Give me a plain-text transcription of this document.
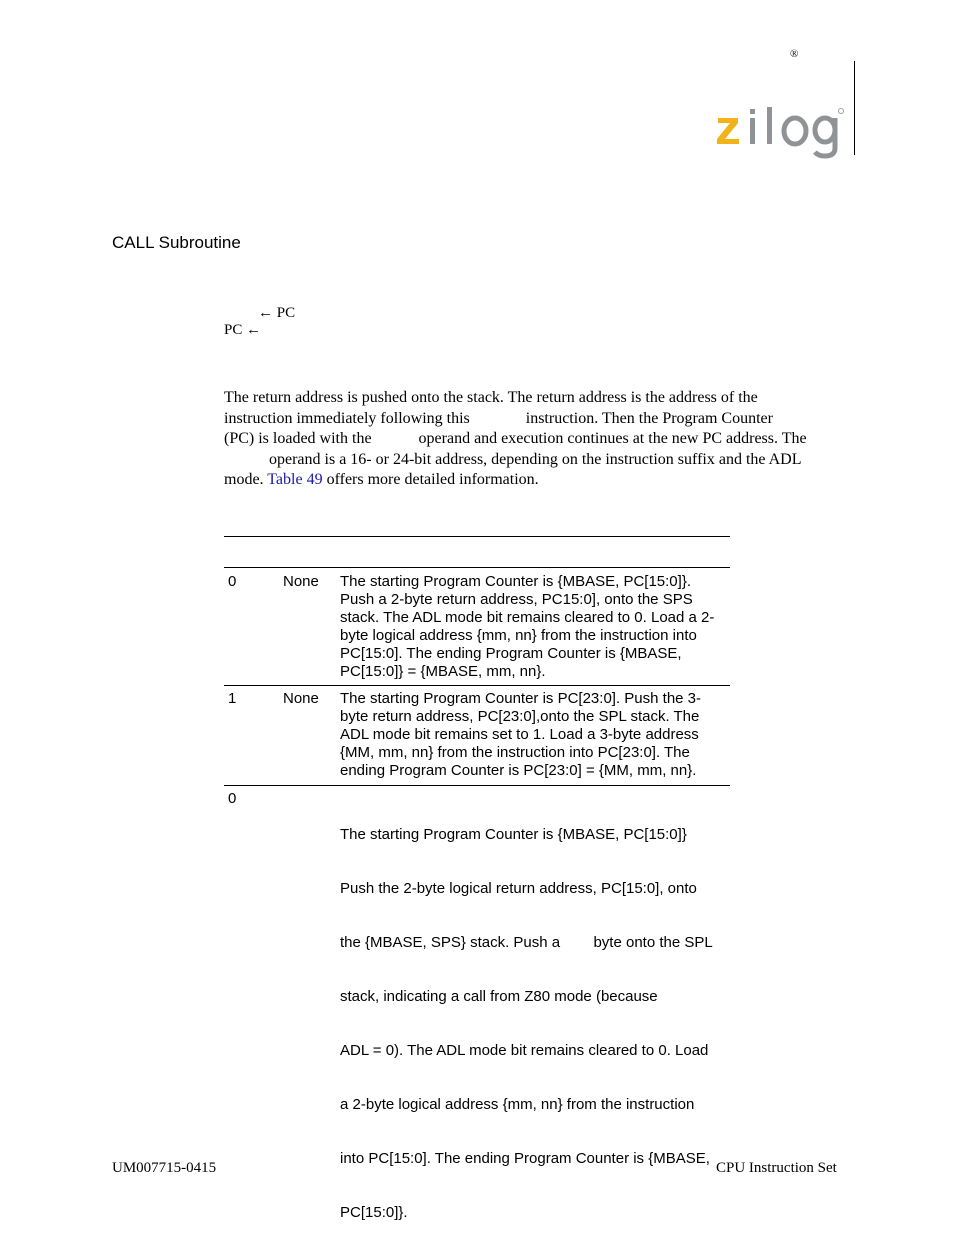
®
CALL Subroutine
← PC
PC ←

The return address is pushed onto the stack. The return address is the address of the

instruction immediately following this	instruction. Then the Program Counter

(PC) is loaded with the	operand and execution continues at the new PC address. The

operand is a 16- or 24-bit address, depending on the instruction suffix and the ADL

mode. Table 49 offers more detailed information.

0	None The starting Program Counter is {MBASE, PC[15:0]}.
Push a 2-byte return address, PC15:0], onto the SPS
stack. The ADL mode bit remains cleared to 0. Load a 2-
byte logical address {mm, nn} from the instruction into
PC[15:0]. The ending Program Counter is {MBASE,
PC[15:0]} = {MBASE, mm, nn}.
1	None The starting Program Counter is PC[23:0]. Push the 3-
byte return address, PC[23:0],onto the SPL stack. The
ADL mode bit remains set to 1. Load a 3-byte address
{MM, mm, nn} from the instruction into PC[23:0]. The
ending Program Counter is PC[23:0] = {MM, mm, nn}.
0

The starting Program Counter is {MBASE, PC[15:0]}

Push the 2-byte logical return address, PC[15:0], onto

the {MBASE, SPS} stack. Push a        byte onto the SPL

stack, indicating a call from Z80 mode (because

ADL = 0). The ADL mode bit remains cleared to 0. Load

a 2-byte logical address {mm, nn} from the instruction

into PC[15:0]. The ending Program Counter is {MBASE,

PC[15:0]}.

UM007715-0415	CPU Instruction Set
